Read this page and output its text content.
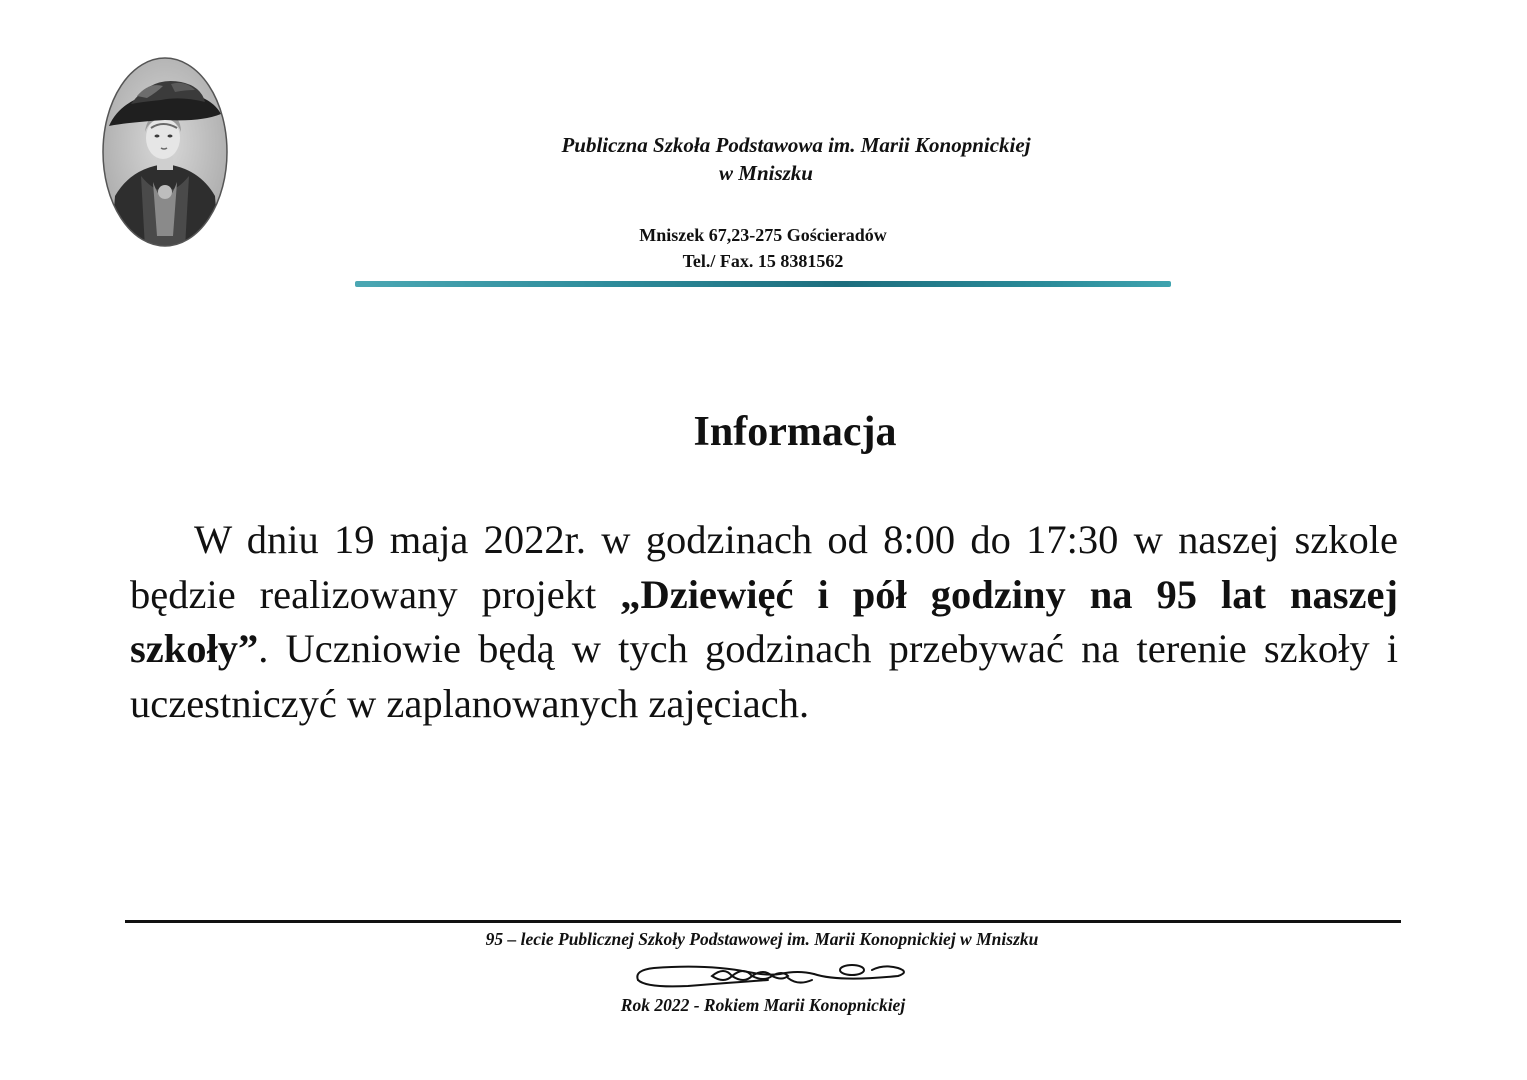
Publiczna Szkoła Podstawowa im. Marii Konopnickiej
w Mniszku
Mniszek 67,23-275 Gościeradów
Tel./ Fax. 15 8381562
Informacja
W dniu 19 maja 2022r. w godzinach od 8:00 do 17:30 w naszej szkole będzie realizowany projekt „Dziewięć i pół godziny na 95 lat naszej szkoły”. Uczniowie będą w tych godzinach przebywać na terenie szkoły i uczestniczyć w zaplanowanych zajęciach.
95 – lecie Publicznej Szkoły Podstawowej im. Marii Konopnickiej w Mniszku
Rok 2022 - Rokiem Marii Konopnickiej
